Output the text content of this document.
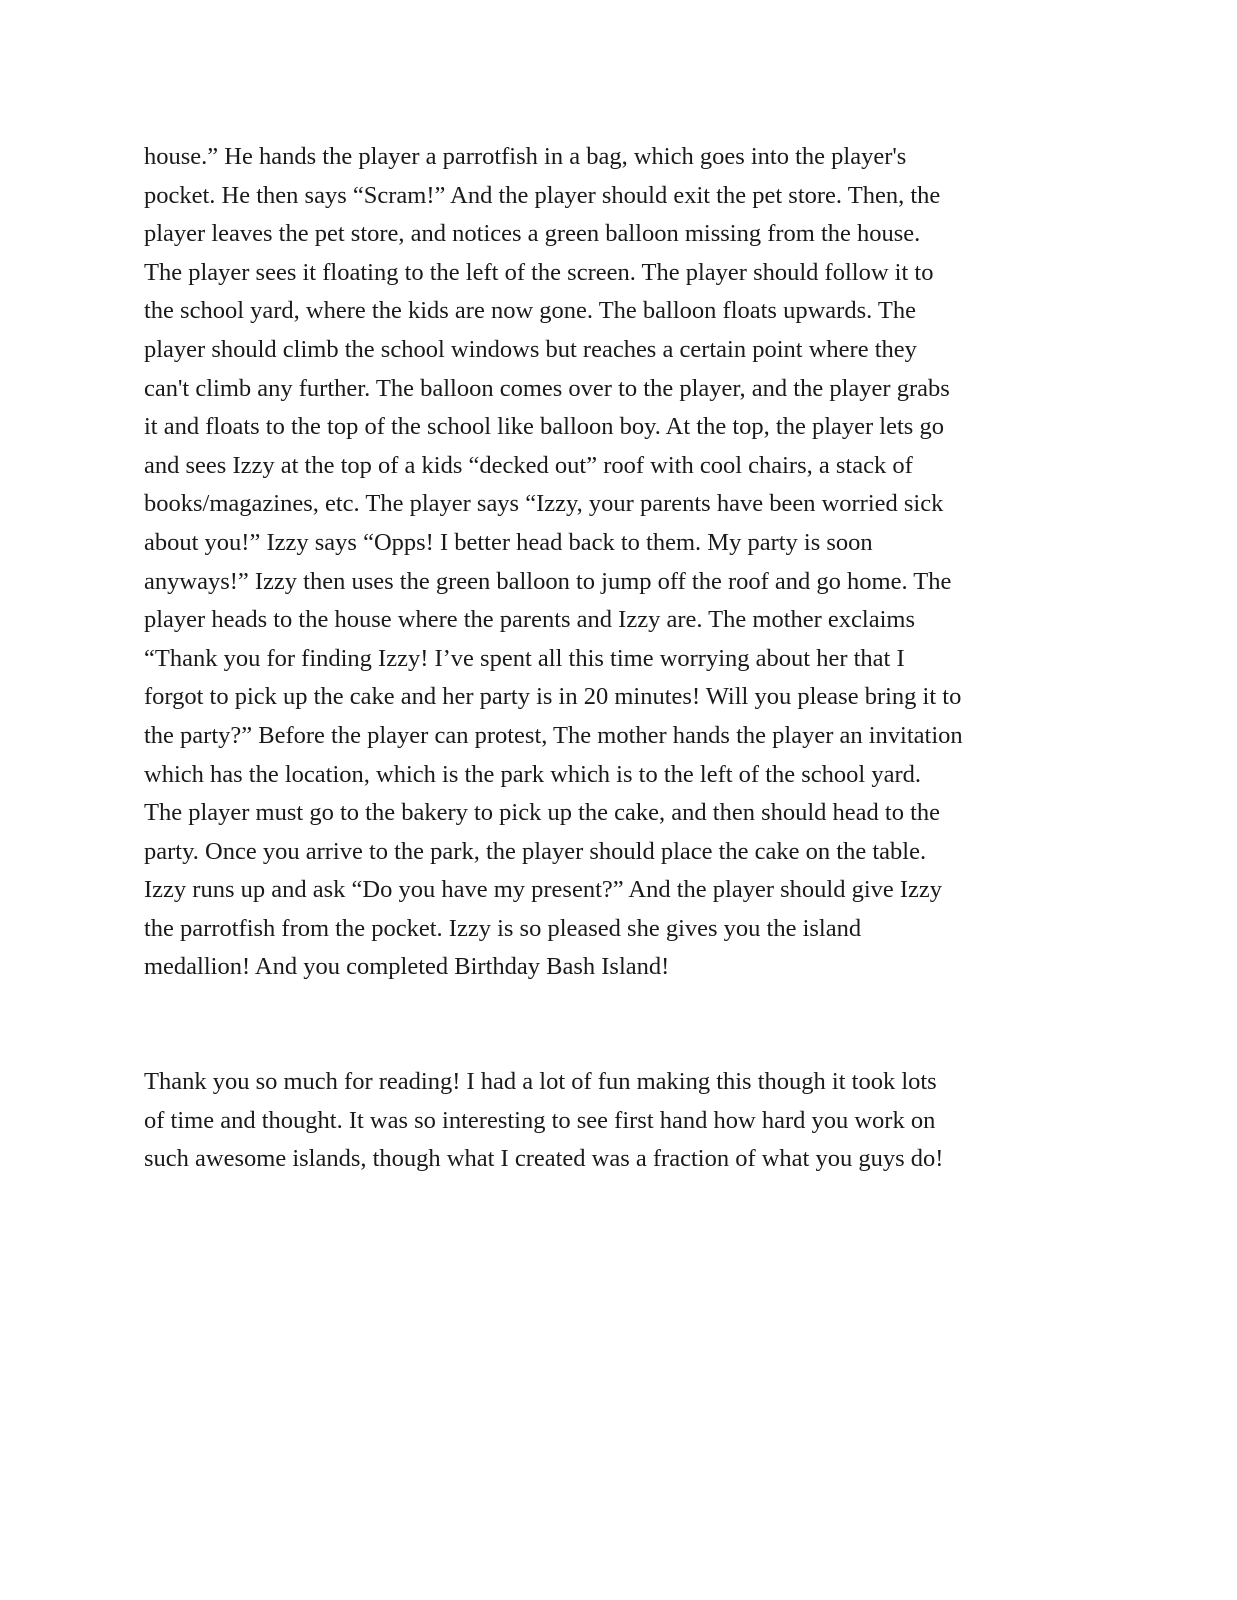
house.” He hands the player a parrotfish in a bag, which goes into the player's
pocket. He then says “Scram!” And the player should exit the pet store. Then, the
player leaves the pet store, and notices a green balloon missing from the house.
The player sees it floating to the left of the screen. The player should follow it to
the school yard, where the kids are now gone. The balloon floats upwards. The
player should climb the school windows but reaches a certain point where they
can't climb any further. The balloon comes over to the player, and the player grabs
it and floats to the top of the school like balloon boy. At the top, the player lets go
and sees Izzy at the top of a kids “decked out” roof with cool chairs, a stack of
books/magazines, etc. The player says “Izzy, your parents have been worried sick
about you!” Izzy says “Opps! I better head back to them. My party is soon
anyways!” Izzy then uses the green balloon to jump off the roof and go home. The
player heads to the house where the parents and Izzy are. The mother exclaims
“Thank you for finding Izzy! I’ve spent all this time worrying about her that I
forgot to pick up the cake and her party is in 20 minutes! Will you please bring it to
the party?” Before the player can protest, The mother hands the player an invitation
which has the location, which is the park which is to the left of the school yard.
The player must go to the bakery to pick up the cake, and then should head to the
party. Once you arrive to the park, the player should place the cake on the table.
Izzy runs up and ask “Do you have my present?” And the player should give Izzy
the parrotfish from the pocket. Izzy is so pleased she gives you the island
medallion! And you completed Birthday Bash Island!
Thank you so much for reading! I had a lot of fun making this though it took lots
of time and thought. It was so interesting to see first hand how hard you work on
such awesome islands, though what I created was a fraction of what you guys do!
